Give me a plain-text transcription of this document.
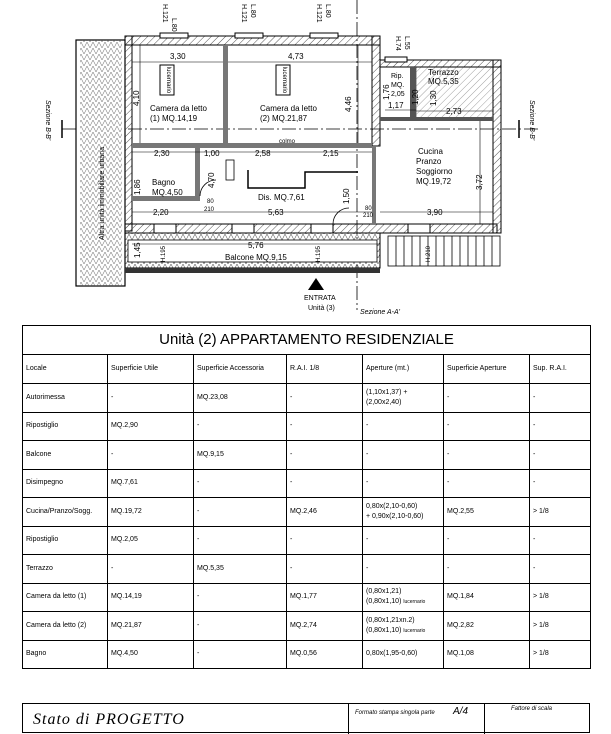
lucernario	lucernario
L.80
H.121	L.80
H.121	L.80
H.121
L.55
H.74
Camera da letto
(1) MQ.14,19
Camera da letto
(2) MQ.21,87
Rip.
MQ.
2,05
Terrazzo
MQ.5,35
Cucina
Pranzo
Soggiorno
MQ.19,72
Bagno
MQ.4,50
Dis. MQ.7,61
Balcone MQ.9,15
Altra unità immobiliare urbana
colmo
3,30	4,73
4,10	4,46
1,76
1,17
2,73
1,20 1,30
2,30	1,00	2,58	2,15
1,86
2,20	5,63	3,90
3,72
1,50
4,70
5,76
1,45
80
210	80
210
H.195	H.195	H.210
Sezione B-B'	Sezione B-B'
Sezione A-A'
ENTRATA
Unità (3)
Unità (2) APPARTAMENTO RESIDENZIALE						
Locale	Superficie Utile	Superficie Accessoria	R.A.I. 1/8	Aperture (mt.)	Superficie Aperture	Sup. R.A.I.
Autorimessa	-	MQ.23,08	-	(1,10x1,37) +
(2,00x2,40)	-	-
Ripostiglio	MQ.2,90	-	-	-	-	-
Balcone	-	MQ.9,15	-	-	-	-
Disimpegno	MQ.7,61	-	-	-	-	-
Cucina/Pranzo/Sogg.	MQ.19,72	-	MQ.2,46	0,80x(2,10-0,60)
+ 0,90x(2,10-0,60)	MQ.2,55	> 1/8
Ripostiglio	MQ.2,05	-	-	-	-	-
Terrazzo	-	MQ.5,35	-	-	-	-
Camera da letto (1)	MQ.14,19	-	MQ.1,77	(0,80x1,21)
(0,80x1,10) lucernario	MQ.1,84	> 1/8
Camera da letto (2)	MQ.21,87	-	MQ.2,74	(0,80x1,21xn.2)
(0,80x1,10) lucernario	MQ.2,82	> 1/8
Bagno	MQ.4,50	-	MQ.0,56	0,80x(1,95-0,60)	MQ.1,08	> 1/8
Stato di PROGETTO	Formato stampa singola parte A/4	Fattore di scala
